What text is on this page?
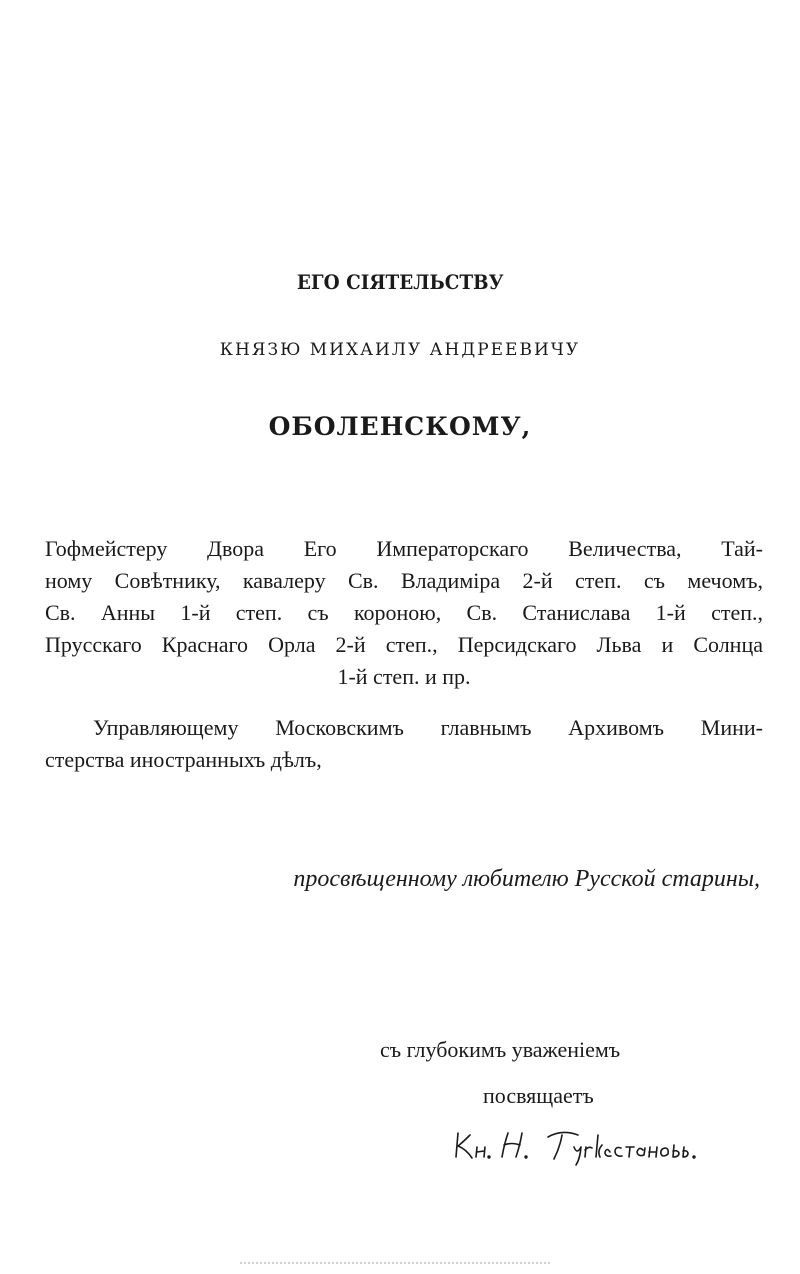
ЕГО СІЯТЕЛЬСТВУ
КНЯЗЮ МИХАИЛУ АНДРЕЕВИЧУ
ОБОЛЕНСКОМУ,
Гофмейстеру Двора Его Императорскаго Величества, Тай-
ному Совѣтнику, кавалеру Св. Владиміра 2-й степ. съ мечомъ,
Св. Анны 1-й степ. съ короною, Св. Станислава 1-й степ.,
Прусскаго Краснаго Орла 2-й степ., Персидскаго Льва и Солнца
1-й степ. и пр.
Управляющему Московскимъ главнымъ Архивомъ Мини-
стерства иностранныхъ дѣлъ,
просвѣщенному любителю Русской старины,
съ глубокимъ уваженіемъ
посвящаетъ
